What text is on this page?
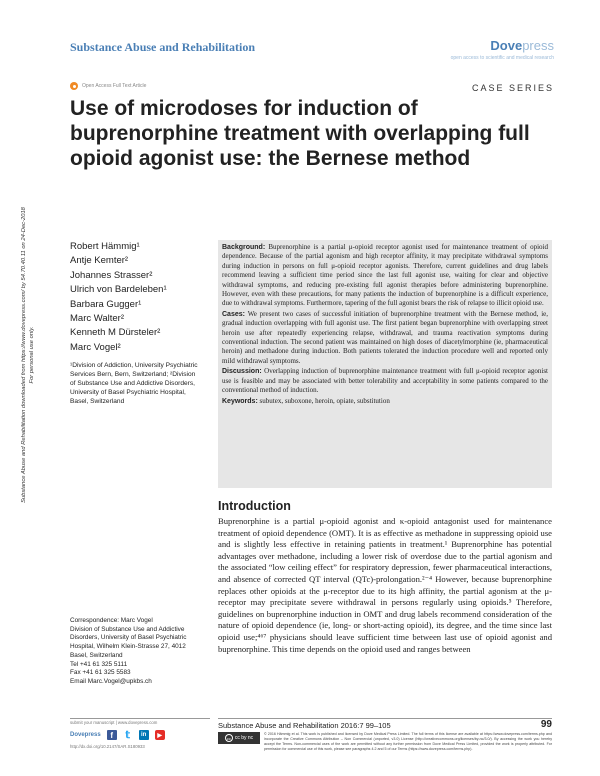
Substance Abuse and Rehabilitation	Dovepress
open access to scientific and medical research
Substance Abuse and Rehabilitation downloaded from https://www.dovepress.com/ by 54.70.40.11 on 24-Dec-2018 For personal use only.
Open Access Full Text Article	CASE SERIES
Use of microdoses for induction of buprenorphine treatment with overlapping full opioid agonist use: the Bernese method
Robert Hämmig¹
Antje Kemter²
Johannes Strasser²
Ulrich von Bardeleben¹
Barbara Gugger¹
Marc Walter²
Kenneth M Dürsteler²
Marc Vogel²
¹Division of Addiction, University Psychiatric Services Bern, Bern, Switzerland; ²Division of Substance Use and Addictive Disorders, University of Basel Psychiatric Hospital, Basel, Switzerland
Correspondence: Marc Vogel
Division of Substance Use and Addictive
Disorders, University of Basel Psychiatric
Hospital, Wilhelm Klein-Strasse 27, 4012
Basel, Switzerland
Tel +41 61 325 5111
Fax +41 61 325 5583
Email Marc.Vogel@upkbs.ch

Background: Buprenorphine is a partial μ-opioid receptor agonist used for maintenance treatment of opioid dependence. Because of the partial agonism and high receptor affinity, it may precipitate withdrawal symptoms during induction in persons on full μ-opioid receptor agonists. Therefore, current guidelines and drug labels recommend leaving a sufficient time period since the last full agonist use, waiting for clear and objective withdrawal symptoms, and reducing pre-existing full agonist therapies before administering buprenorphine. However, even with these precautions, for many patients the induction of buprenorphine is a difficult experience, due to withdrawal symptoms. Furthermore, tapering of the full agonist bears the risk of relapse to illicit opioid use.

Cases: We present two cases of successful initiation of buprenorphine treatment with the Bernese method, ie, gradual induction overlapping with full agonist use. The first patient began buprenorphine with overlapping street heroin use after repeatedly experiencing relapse, withdrawal, and trauma reactivation symptoms during conventional induction. The second patient was maintained on high doses of diacetylmorphine (ie, pharmaceutical heroin) and methadone during induction. Both patients tolerated the induction procedure well and reported only mild withdrawal symptoms.

Discussion: Overlapping induction of buprenorphine maintenance treatment with full μ-opioid receptor agonist use is feasible and may be associated with better tolerability and acceptability in some patients compared to the conventional method of induction.

Keywords: subutex, suboxone, heroin, opiate, substitution

Introduction

Buprenorphine is a partial μ-opioid agonist and κ-opioid antagonist used for maintenance treatment of opioid dependence (OMT). It is as effective as methadone in suppressing opioid use and is slightly less effective in retaining patients in treatment.¹ Buprenorphine has potential advantages over methadone, including a lower risk of overdose due to the partial agonism and the associated “low ceiling effect” for respiratory depression, fewer pharmaceutical interactions, and absence of corrected QT interval (QTc)-prolongation.²⁻⁴ However, because buprenorphine replaces other opioids at the μ-receptor due to its high affinity, the partial agonism at the μ-receptor may precipitate severe withdrawal in persons regularly using opioids.⁵ Therefore, guidelines on buprenorphine induction in OMT and drug labels recommend consideration of the nature of opioid dependence (ie, long- or short-acting opioid), its degree, and the time since last opioid use;⁴⁶⁷ physicians should leave sufficient time between last use of opioid agonist and buprenorphine. This time depends on the opioid used and ranges between

submit your manuscript | www.dovepress.com
Dovepress	f	𝕥	in	▶
http://dx.doi.org/10.2147/SAR.S180933
Substance Abuse and Rehabilitation 2016:7 99–105	99
cc cc by nc
© 2016 Hämmig et al. This work is published and licensed by Dove Medical Press Limited. The full terms of this license are available at https://www.dovepress.com/terms.php and incorporate the Creative Commons Attribution – Non Commercial (unported, v3.0) License (http://creativecommons.org/licenses/by-nc/3.0/). By accessing the work you hereby accept the Terms. Non-commercial uses of the work are permitted without any further permission from Dove Medical Press Limited, provided the work is properly attributed. For permission for commercial use of this work, please see paragraphs 4.2 and 5 of our Terms (https://www.dovepress.com/terms.php).
